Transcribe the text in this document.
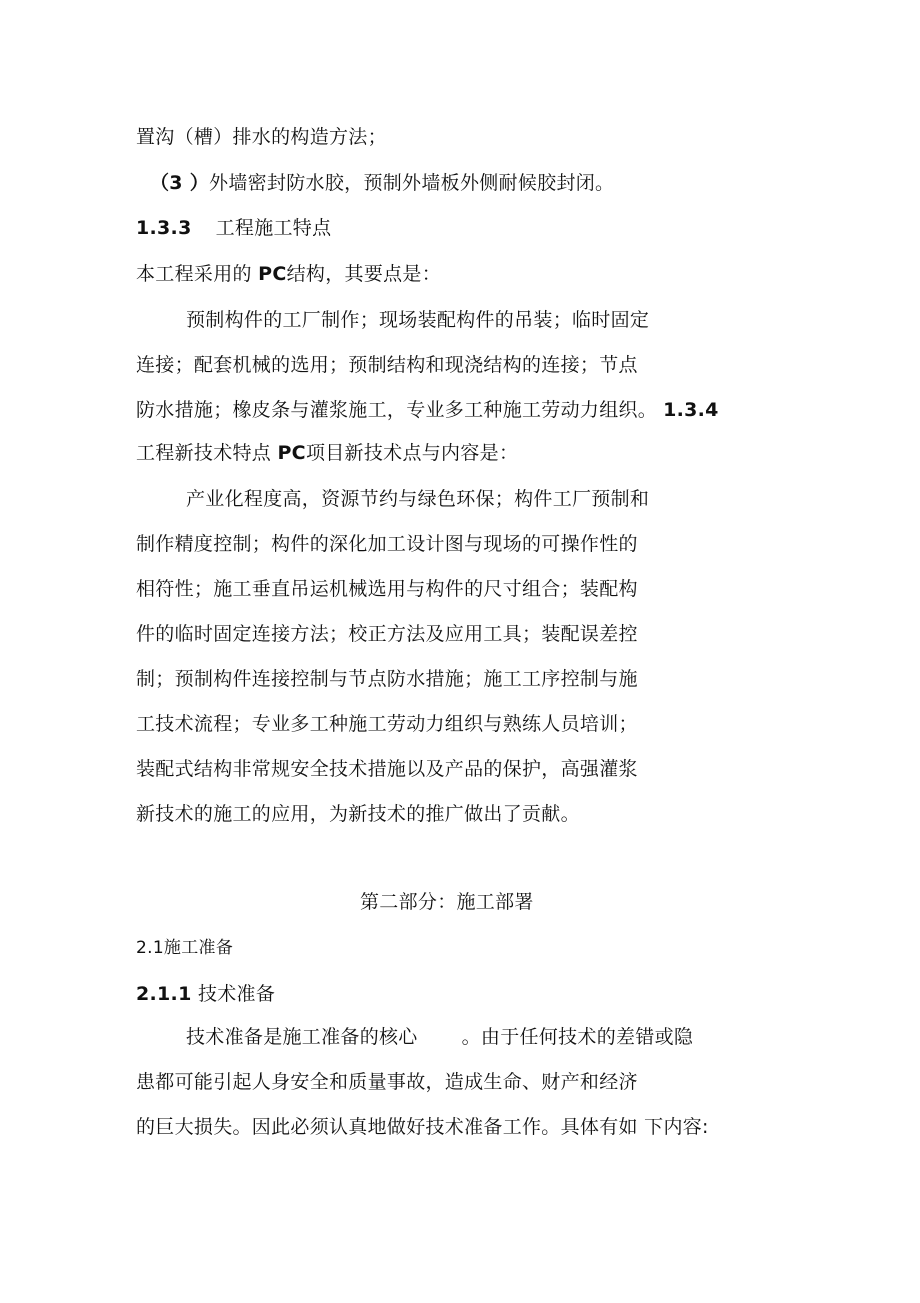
置沟（槽）排水的构造方法；
（3 ）外墙密封防水胶，预制外墙板外侧耐候胶封闭。
1.3.3 工程施工特点
本工程采用的 PC结构，其要点是：
预制构件的工厂制作；现场装配构件的吊装；临时固定
连接；配套机械的选用；预制结构和现浇结构的连接；节点
防水措施；橡皮条与灌浆施工，专业多工种施工劳动力组织。 1.3.4
工程新技术特点 PC项目新技术点与内容是：
产业化程度高，资源节约与绿色环保；构件工厂预制和
制作精度控制；构件的深化加工设计图与现场的可操作性的
相符性；施工垂直吊运机械选用与构件的尺寸组合；装配构
件的临时固定连接方法；校正方法及应用工具；装配误差控
制；预制构件连接控制与节点防水措施；施工工序控制与施
工技术流程；专业多工种施工劳动力组织与熟练人员培训；
装配式结构非常规安全技术措施以及产品的保护，高强灌浆
新技术的施工的应用，为新技术的推广做出了贡献。
第二部分：施工部署
2.1施工准备
2.1.1 技术准备
技术准备是施工准备的核心 。由于任何技术的差错或隐
患都可能引起人身安全和质量事故，造成生命、财产和经济
的巨大损失。因此必须认真地做好技术准备工作。具体有如 下内容:
